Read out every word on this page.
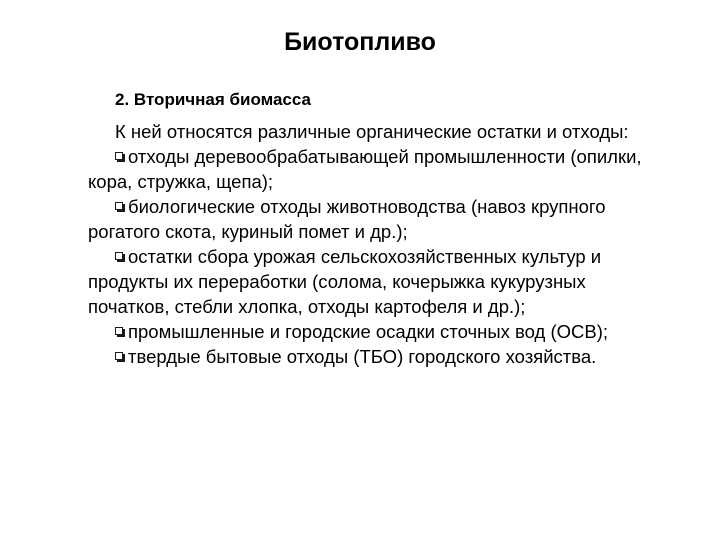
Биотопливо

2. Вторичная биомасса

К ней относятся различные органические остатки и отходы:

отходы деревообрабатывающей промышленности (опилки, кора, стружка, щепа);

биологические отходы животноводства (навоз крупного рогатого скота, куриный помет и др.);

остатки сбора урожая сельскохозяйственных культур и продукты их переработки (солома, кочерыжка кукурузных початков, стебли хлопка, отходы картофеля и др.);

промышленные и городские осадки сточных вод (ОСВ);

твердые бытовые отходы (ТБО) городского хозяйства.
